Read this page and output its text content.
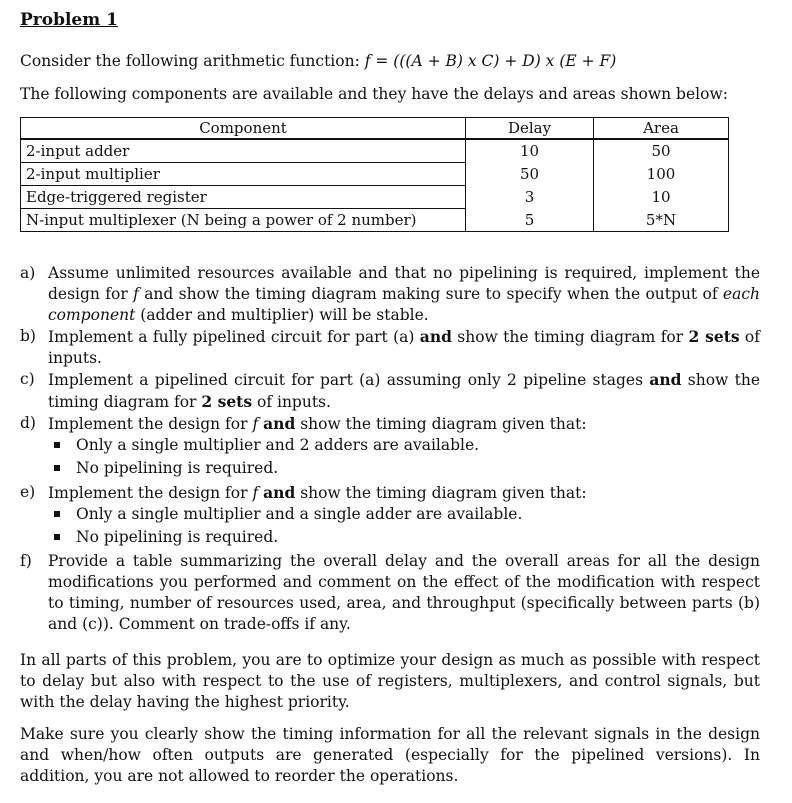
Problem 1
Consider the following arithmetic function: f = (((A + B) x C) + D) x (E + F)
The following components are available and they have the delays and areas shown below:
Component	Delay	Area
2-input adder	10	50
2-input multiplier	50	100
Edge-triggered register	3	10
N-input multiplexer (N being a power of 2 number)	5	5*N
a) Assume unlimited resources available and that no pipelining is required, implement the design for f and show the timing diagram making sure to specify when the output of each component (adder and multiplier) will be stable.
b) Implement a fully pipelined circuit for part (a) and show the timing diagram for 2 sets of inputs.
c) Implement a pipelined circuit for part (a) assuming only 2 pipeline stages and show the timing diagram for 2 sets of inputs.
d) Implement the design for f and show the timing diagram given that:
Only a single multiplier and 2 adders are available.
No pipelining is required.
e) Implement the design for f and show the timing diagram given that:
Only a single multiplier and a single adder are available.
No pipelining is required.
f) Provide a table summarizing the overall delay and the overall areas for all the design modifications you performed and comment on the effect of the modification with respect to timing, number of resources used, area, and throughput (specifically between parts (b) and (c)). Comment on trade-offs if any.
In all parts of this problem, you are to optimize your design as much as possible with respect to delay but also with respect to the use of registers, multiplexers, and control signals, but with the delay having the highest priority.
Make sure you clearly show the timing information for all the relevant signals in the design and when/how often outputs are generated (especially for the pipelined versions). In addition, you are not allowed to reorder the operations.
